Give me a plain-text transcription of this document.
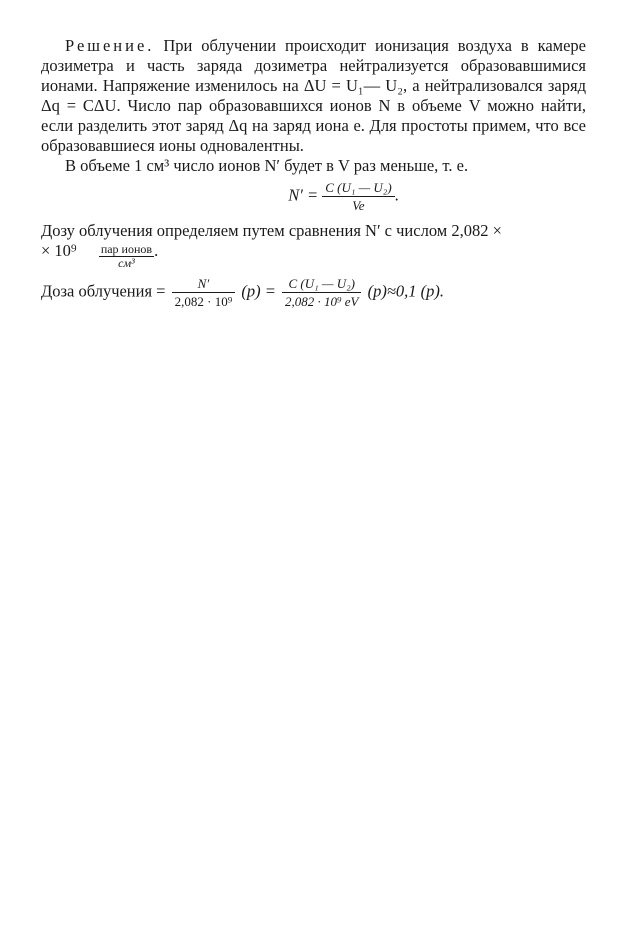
Решение. При облучении происходит ионизация воздуха в камере дозиметра и часть заряда дозиметра нейтрализуется образовавшимися ионами. Напряжение изменилось на ΔU = U₁— U₂, а нейтрализовался заряд Δq = CΔU. Число пар образовавшихся ионов N в объеме V можно найти, если разделить этот заряд Δq на заряд иона e. Для простоты примем, что все образовавшиеся ионы одновалентны.
В объеме 1 см³ число ионов N′ будет в V раз меньше, т. е.
$N' = \frac{\text{C (U₁ — U₂)}}{Ve}$ .
Дозу облучения определяем путем сравнения N′ с числом 2,082 ×
× $10^9 \frac{\text{пар ионов}}{\text{см³}}$ .
Доза облучения = $\frac{N'}{\text{2,082 · 10⁹}} (р) = \frac{\text{C (U₁ — U₂)}}{\text{2,082 · 10⁹ eV}} (р)\approx 0,1$ (р).
